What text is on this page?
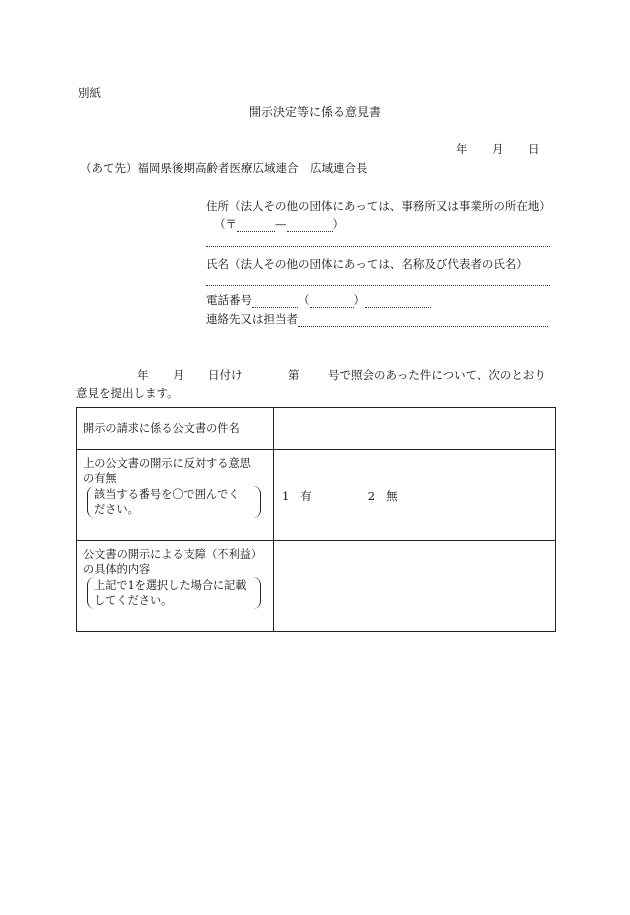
別紙
開示決定等に係る意見書
年 月 日
（あて先）福岡県後期高齢者医療広域連合　広域連合長
住所（法人その他の団体にあっては、事務所又は事業所の所在地）
（〒	—	）
氏名（法人その他の団体にあっては、名称及び代表者の氏名）
電話番号	（	）
連絡先又は担当者
年 月 日付け	第 号で照会のあった件について、次のとおり
意見を提出します。
開示の請求に係る公文書の件名	

上の公文書の開示に反対する意思
の有無
該当する番号を〇で囲んでく
ださい。	1 有 2 無

公文書の開示による支障（不利益）
の具体的内容
上記で1を選択した場合に記載
してください。	
